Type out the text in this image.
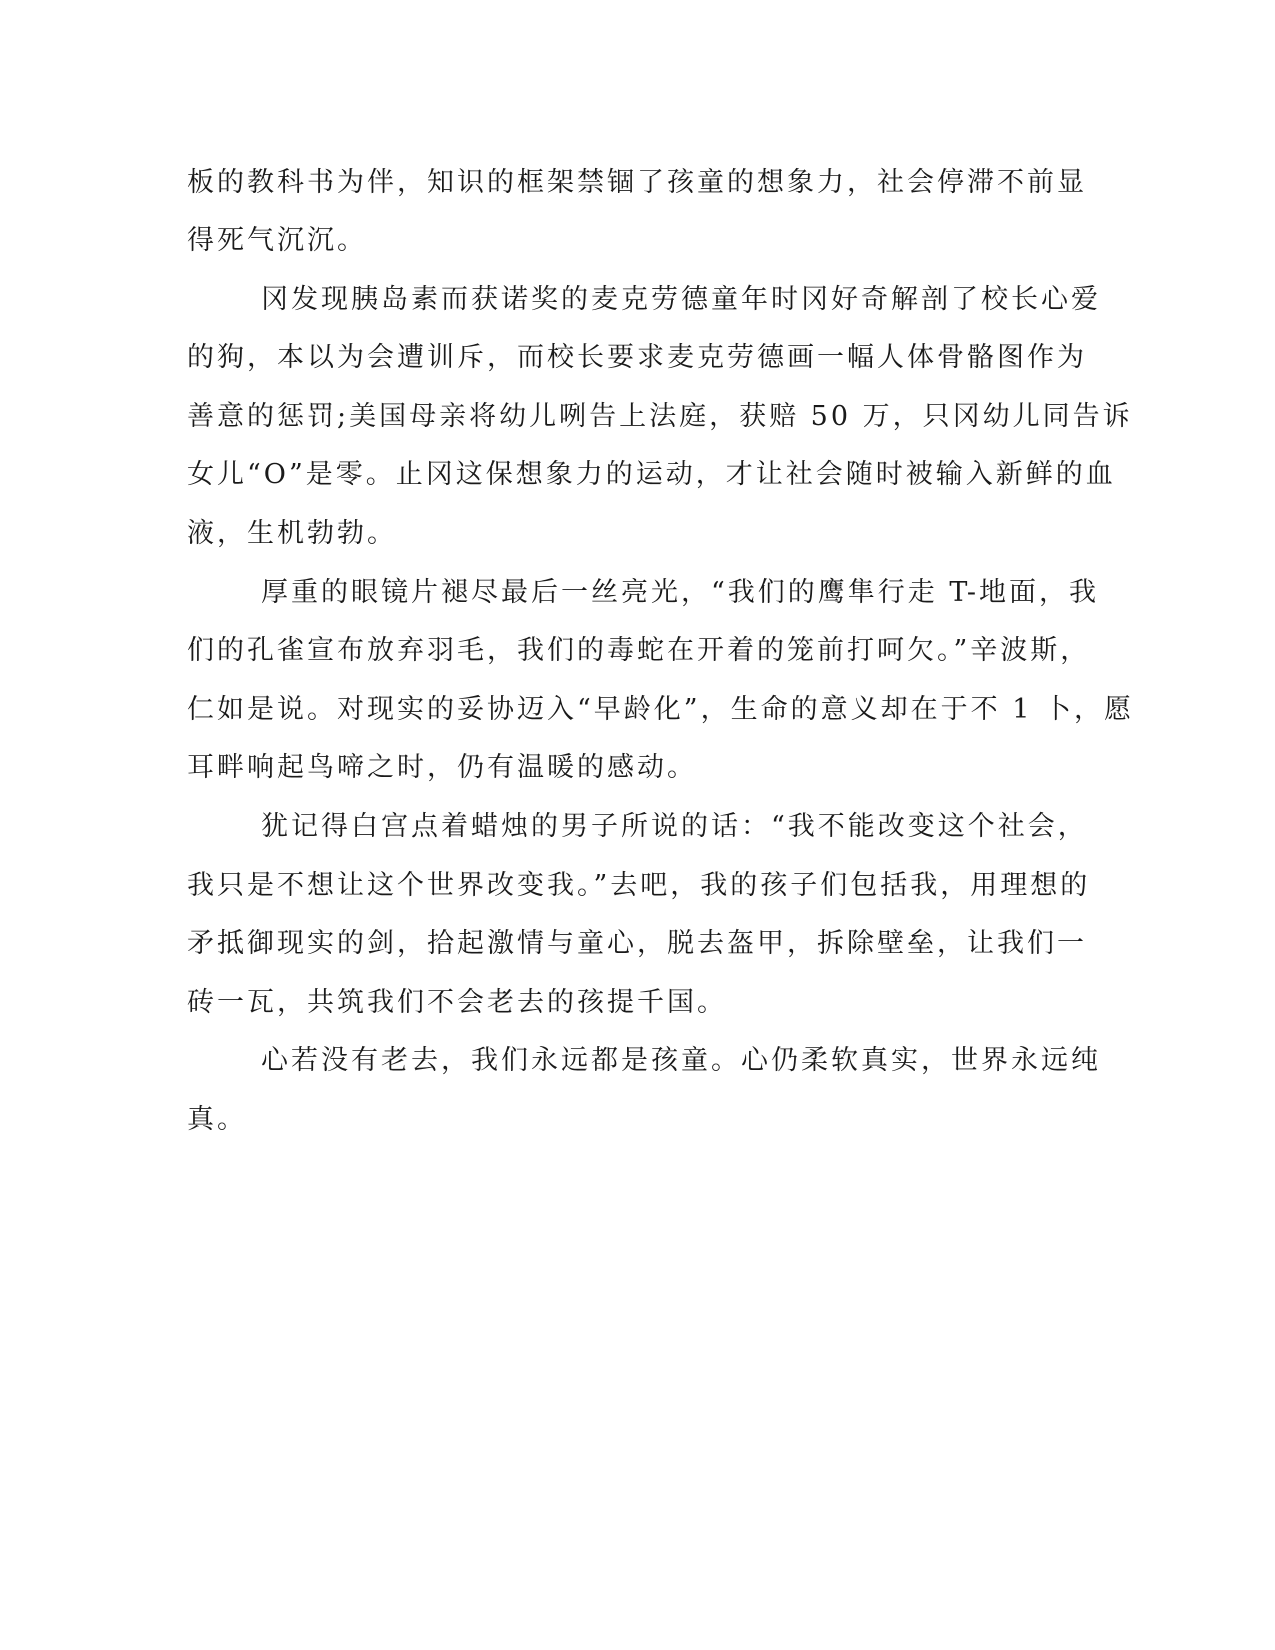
板的教科书为伴，知识的框架禁锢了孩童的想象力，社会停滞不前显
得死气沉沉。
冈发现胰岛素而获诺奖的麦克劳德童年时冈好奇解剖了校长心爱
的狗，本以为会遭训斥，而校长要求麦克劳德画一幅人体骨骼图作为
善意的惩罚;美国母亲将幼儿咧告上法庭，获赔 50 万，只冈幼儿同告诉
女儿“O”是零。止冈这保想象力的运动，才让社会随时被输入新鲜的血
液，生机勃勃。
厚重的眼镜片褪尽最后一丝亮光，“我们的鹰隼行走 T-地面，我
们的孔雀宣布放弃羽毛，我们的毒蛇在开着的笼前打呵欠。”辛波斯，
仁如是说。对现实的妥协迈入“早龄化”，生命的意义却在于不 1 卜，愿
耳畔响起鸟啼之时，仍有温暖的感动。
犹记得白宫点着蜡烛的男子所说的话：“我不能改变这个社会，
我只是不想让这个世界改变我。”去吧，我的孩子们包括我，用理想的
矛抵御现实的剑，拾起激情与童心，脱去盔甲，拆除壁垒，让我们一
砖一瓦，共筑我们不会老去的孩提千国。
心若没有老去，我们永远都是孩童。心仍柔软真实，世界永远纯
真。
